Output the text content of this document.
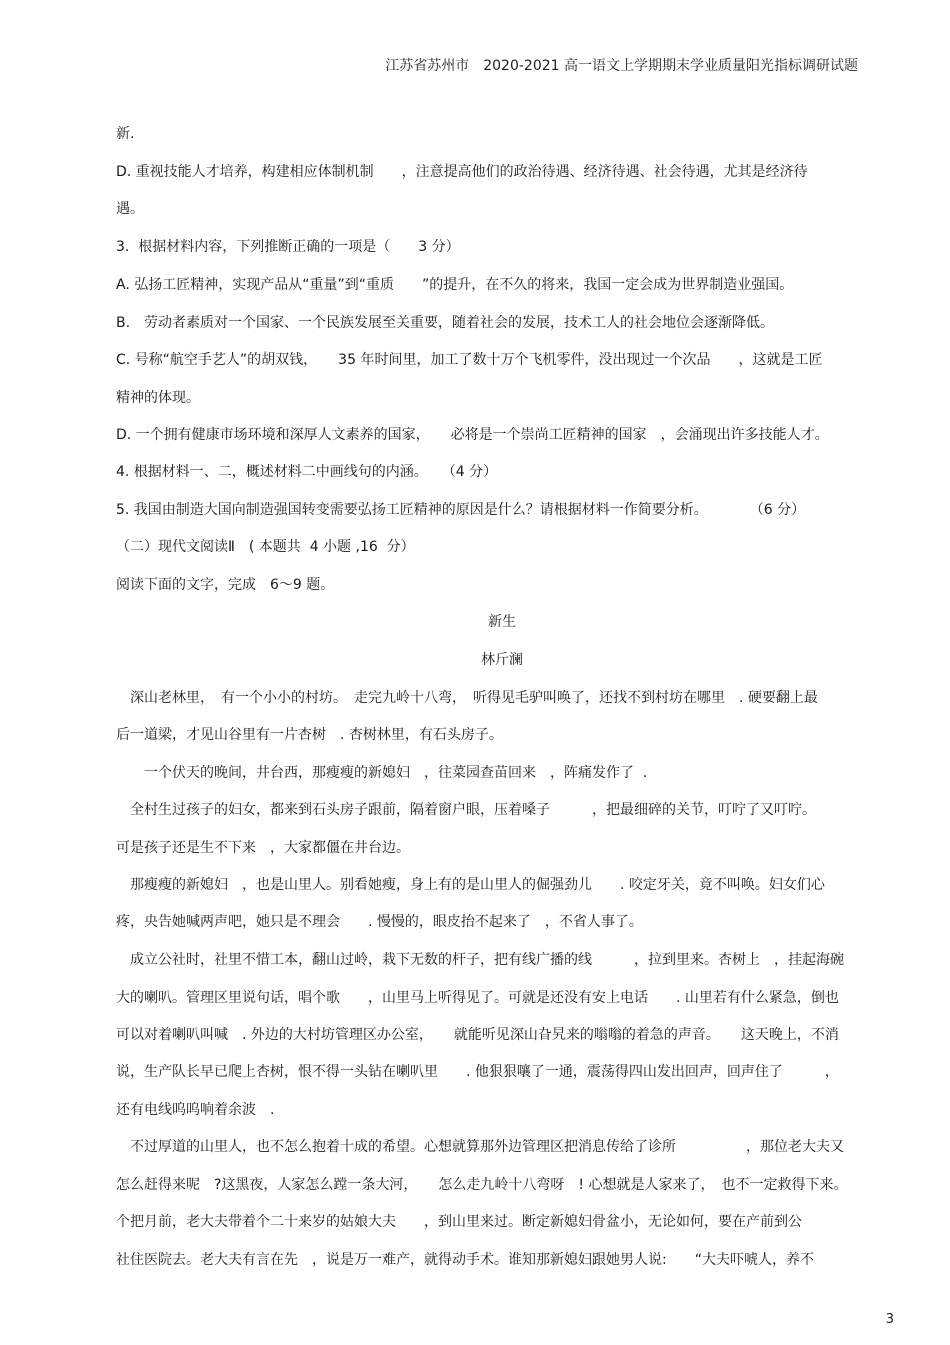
江苏省苏州市　2020-2021 高一语文上学期期末学业质量阳光指标调研试题
新.
D. 重视技能人才培养，构建相应体制机制　　，注意提高他们的政治待遇、经济待遇、社会待遇，尤其是经济待
遇。
3.  根据材料内容，下列推断正确的一项是（　　3 分）
A. 弘扬工匠精神，实现产品从“重量”到“重质　　”的提升，在不久的将来，我国一定会成为世界制造业强国。
B.　劳动者素质对一个国家、一个民族发展至关重要，随着社会的发展，技术工人的社会地位会逐渐降低。
C. 号称“航空手艺人”的胡双钱，　　35 年时间里，加工了数十万个飞机零件，没出现过一个次品　　，这就是工匠
精神的体现。
D. 一个拥有健康市场环境和深厚人文素养的国家，　　必将是一个崇尚工匠精神的国家　，会涌现出许多技能人才。
4. 根据材料一、二，概述材料二中画线句的内涵。　　（4 分）
5. 我国由制造大国向制造强国转变需要弘扬工匠精神的原因是什么？请根据材料一作简要分析。　　　　（6 分）
（二）现代文阅读Ⅱ　( 本题共  4 小题 ,16  分）
阅读下面的文字，完成　6～9 题。
新生
林斤澜
　深山老林里，　有一个小小的村坊。　走完九岭十八弯，　听得见毛驴叫唤了，还找不到村坊在哪里　. 硬要翻上最
后一道梁，才见山谷里有一片杏树　. 杏树林里，有石头房子。
　　一个伏天的晚间，井台西，那瘦瘦的新媳妇　，往菜园查苗回来　，阵痛发作了  .
　全村生过孩子的妇女，都来到石头房子跟前，隔着窗户眼，压着嗓子　　　，把最细碎的关节，叮咛了又叮咛。
可是孩子还是生不下来　，大家都僵在井台边。
　那瘦瘦的新媳妇　，也是山里人。别看她瘦，身上有的是山里人的倔强劲儿　　. 咬定牙关，竟不叫唤。妇女们心
疼，央告她喊两声吧，她只是不理会　　. 慢慢的，眼皮抬不起来了　，不省人事了。
　成立公社时，社里不惜工本，翻山过岭，栽下无数的杆子，把有线广播的线　　　，拉到里来。杏树上　，挂起海碗
大的喇叭。管理区里说句话，唱个歌　　，山里马上听得见了。可就是还没有安上电话　　. 山里若有什么紧急，倒也
可以对着喇叭叫喊　. 外边的大村坊管理区办公室，　　就能听见深山旮旯来的嗡嗡的着急的声音。　　这天晚上，不消
说，生产队长早已爬上杏树，恨不得一头钻在喇叭里　　. 他狠狠嚷了一通，震荡得四山发出回声，回声住了　　　，
还有电线呜呜响着余波　.
　不过厚道的山里人，也不怎么抱着十成的希望。心想就算那外边管理区把消息传给了诊所　　　　　，那位老大夫又
怎么赶得来呢　?这黑夜，人家怎么蹚一条大河，　　怎么走九岭十八弯呀　! 心想就是人家来了，　也不一定救得下来。
个把月前，老大夫带着个二十来岁的姑娘大夫　　，到山里来过。断定新媳妇骨盆小，无论如何，要在产前到公
社住医院去。老大夫有言在先　，说是万一难产，就得动手术。谁知那新媳妇跟她男人说:　　“大夫吓唬人，养不
3
